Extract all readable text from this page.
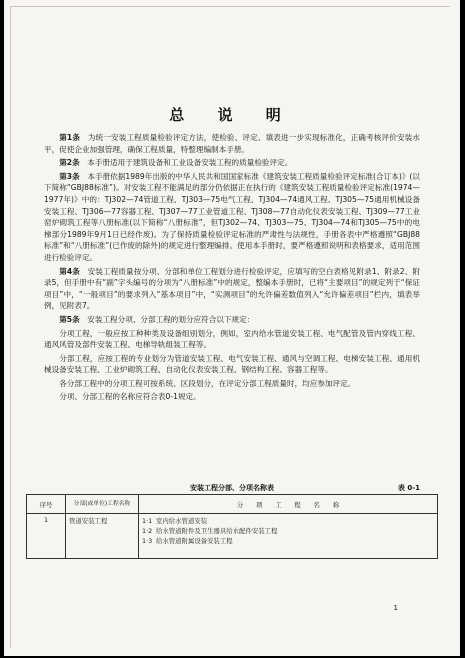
总 说 明

第1条　 为统一安装工程质量检验评定方法，使检验、评定、填表进一步实现标准化，正确考核评价安装水平，促使企业加强管理，确保工程质量，特整理编制本手册。

第2条　 本手册适用于建筑设备和工业设备安装工程的质量检验评定。

第3条　 本手册依据1989年出版的中华人民共和国国家标准《建筑安装工程质量检验评定标准(合订本)》(以下简称“GBJ88标准”)。对安装工程不能满足的部分仍依据正在执行的《建筑安装工程质量检验评定标准(1974—1977年)》中的：TJ302—74管道工程、TJ303—75电气工程、TJ304—74通风工程、TJ305—75通用机械设备安装工程、TJ306—77容器工程、TJ307—77工业管道工程、TJ308—77自动化仪表安装工程、TJ309—77工业窑炉砌筑工程等八册标准(以下简称“八册标准”，但TJ302—74、TJ303—75、TJ304—74和TJ305—75中的电梯部分1989年9月1日已经作废)。为了保持质量检验评定标准的严肃性与法规性，手册各表中严格遵照“GBJ88标准”和“八册标准”(已作废的除外)的规定进行整理编排。使用本手册时，要严格遵照说明和表格要求，适用范围进行检验评定。

第4条　 安装工程质量按分项、分部和单位工程划分进行检验评定，应填写的空白表格见附录1、附录2、附录5，但手册中有“副”字头编号的分项为“八册标准”中的规定，整编本手册时，已将“主要项目”的规定列于“保证项目”中，“一般项目”的要求列入“基本项目”中，“实测项目”的允许偏差数值列入“允许偏差项目”栏内，填表举例，见附表7。

第5条　 安装工程分项、分部工程的划分应符合以下规定：

分项工程，一般应按工种种类及设备组别划分，例如，室内给水管道安装工程、电气配管及管内穿线工程、通风风管及部件安装工程、电梯导轨组装工程等。

分部工程，应按工程的专业划分为管道安装工程、电气安装工程、通风与空调工程、电梯安装工程、通用机械设备安装工程、工业炉砌筑工程、自动化仪表安装工程、钢结构工程、容器工程等。

各分部工程中的分项工程可按系统、区段划分，在评定分部工程质量时，均应参加评定。

分项、分部工程的名称应符合表0-1规定。

安装工程分部、分项名称表	表 0-1
序号	分部(或单位)工程名称	分　　项　　工　　程　　名　　称
1	管道安装工程	1·1 室内给水管道安装
1·2 给水管道附件及卫生器具给水配件安装工程
1·3 给水管道附属设备安装工程
1
